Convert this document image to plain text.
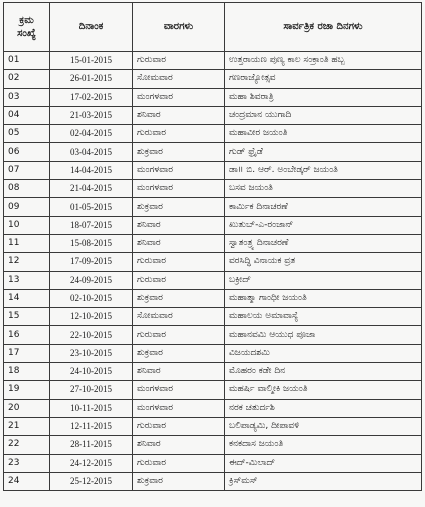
ಕ್ರಮ
ಸಂಖ್ಯೆ	ದಿನಾಂಕ	ವಾರಗಳು	ಸಾರ್ವತ್ರಿಕ ರಜಾ ದಿನಗಳು
01	15-01-2015	ಗುರುವಾರ	ಉತ್ತರಾಯಣ ಪುಣ್ಯ ಕಾಲ ಸಂಕ್ರಾಂತಿ ಹಬ್ಬ
02	26-01-2015	ಸೋಮವಾರ	ಗಣರಾಜ್ಯೋತ್ಸವ
03	17-02-2015	ಮಂಗಳವಾರ	ಮಹಾ ಶಿವರಾತ್ರಿ
04	21-03-2015	ಶನಿವಾರ	ಚಂದ್ರಮಾನ ಯುಗಾದಿ
05	02-04-2015	ಗುರುವಾರ	ಮಹಾವೀರ ಜಯಂತಿ
06	03-04-2015	ಶುಕ್ರವಾರ	ಗುಡ್ ಫ್ರೈಡೆ
07	14-04-2015	ಮಂಗಳವಾರ	ಡಾ॥ ಬಿ. ಆರ್. ಅಂಬೇಡ್ಕರ್ ಜಯಂತಿ
08	21-04-2015	ಮಂಗಳವಾರ	ಬಸವ ಜಯಂತಿ
09	01-05-2015	ಶುಕ್ರವಾರ	ಕಾರ್ಮಿಕ ದಿನಾಚರಣೆ
10	18-07-2015	ಶನಿವಾರ	ಖುತುಬ್-ಎ-ರಂಜಾನ್
11	15-08-2015	ಶನಿವಾರ	ಸ್ವಾತಂತ್ರ್ಯ ದಿನಾಚರಣೆ
12	17-09-2015	ಗುರುವಾರ	ವರಸಿದ್ಧಿ ವಿನಾಯಕ ವ್ರತ
13	24-09-2015	ಗುರುವಾರ	ಬಕ್ರೀದ್
14	02-10-2015	ಶುಕ್ರವಾರ	ಮಹಾತ್ಮಾ ಗಾಂಧೀ ಜಯಂತಿ
15	12-10-2015	ಸೋಮವಾರ	ಮಹಾಲಯ ಅಮಾವಾಸ್ಯೆ
16	22-10-2015	ಗುರುವಾರ	ಮಹಾನವಮಿ ಆಯುಧ ಪೂಜಾ
17	23-10-2015	ಶುಕ್ರವಾರ	ವಿಜಯದಶಮಿ
18	24-10-2015	ಶನಿವಾರ	ಮೊಹರಂ ಕಡೇ ದಿನ
19	27-10-2015	ಮಂಗಳವಾರ	ಮಹರ್ಷಿ ವಾಲ್ಮೀಕಿ ಜಯಂತಿ
20	10-11-2015	ಮಂಗಳವಾರ	ನರಕ ಚತುರ್ದಶಿ
21	12-11-2015	ಗುರುವಾರ	ಬಲಿಪಾಡ್ಯಮಿ, ದೀಪಾವಳಿ
22	28-11-2015	ಶನಿವಾರ	ಕನಕದಾಸ ಜಯಂತಿ
23	24-12-2015	ಗುರುವಾರ	ಈದ್-ಮಿಲಾದ್
24	25-12-2015	ಶುಕ್ರವಾರ	ಕ್ರಿಸ್‌ಮಸ್
